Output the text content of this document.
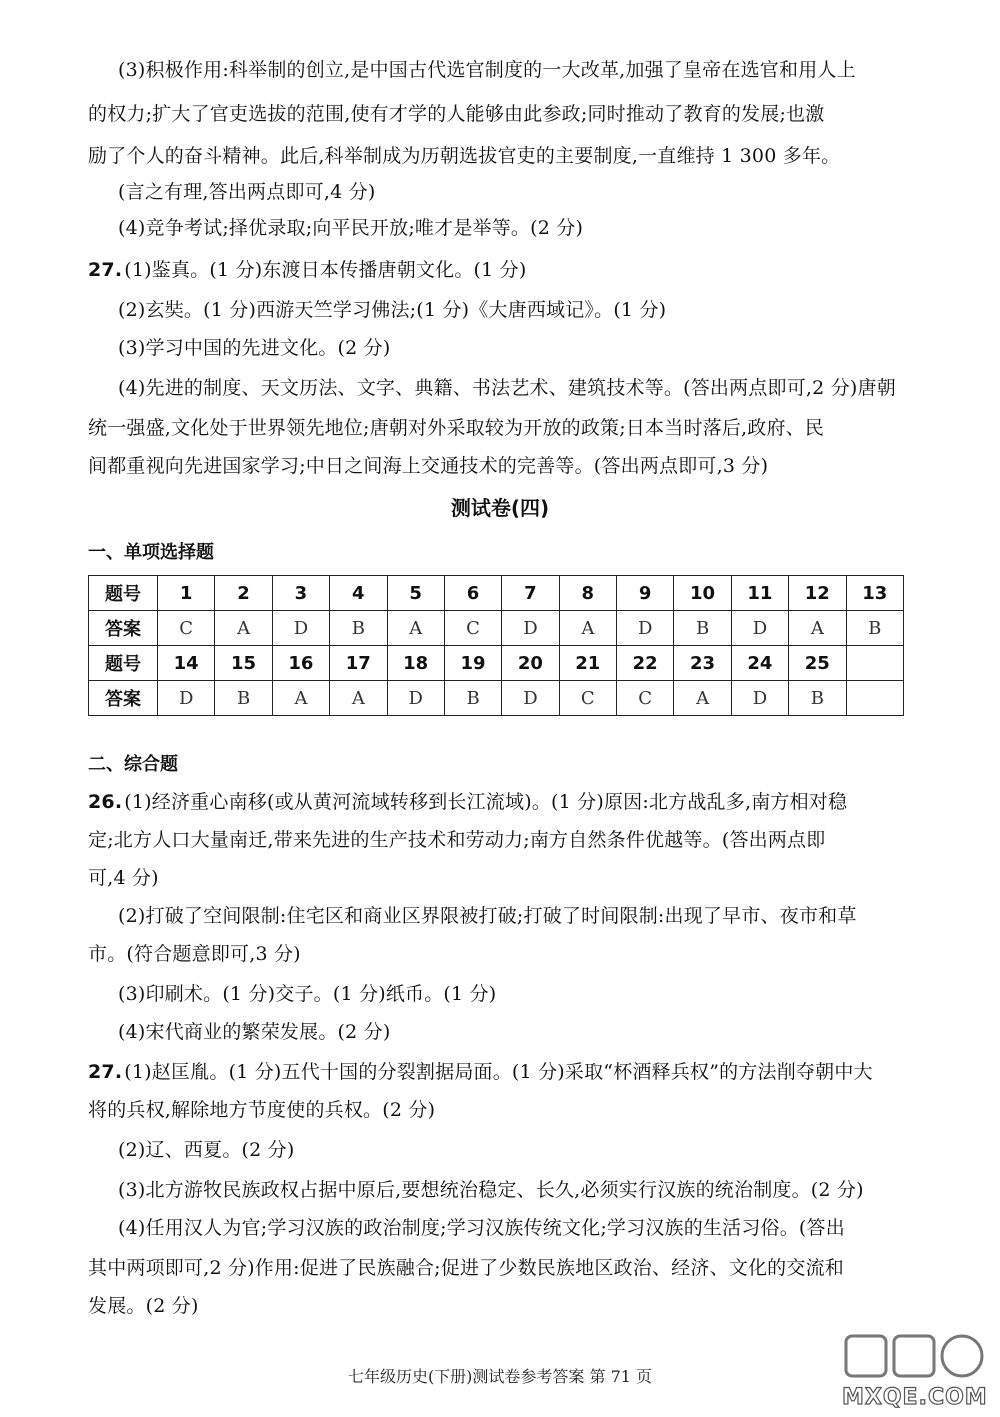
(3)积极作用:科举制的创立,是中国古代选官制度的一大改革,加强了皇帝在选官和用人上
的权力;扩大了官吏选拔的范围,使有才学的人能够由此参政;同时推动了教育的发展;也激
励了个人的奋斗精神。此后,科举制成为历朝选拔官吏的主要制度,一直维持 1 300 多年。
(言之有理,答出两点即可,4 分)
(4)竞争考试;择优录取;向平民开放;唯才是举等。(2 分)
27. (1)鉴真。(1 分)东渡日本传播唐朝文化。(1 分)
(2)玄奘。(1 分)西游天竺学习佛法;(1 分)《大唐西域记》。(1 分)
(3)学习中国的先进文化。(2 分)
(4)先进的制度、天文历法、文字、典籍、书法艺术、建筑技术等。(答出两点即可,2 分)唐朝
统一强盛,文化处于世界领先地位;唐朝对外采取较为开放的政策;日本当时落后,政府、民
间都重视向先进国家学习;中日之间海上交通技术的完善等。(答出两点即可,3 分)
测试卷(四)
一、单项选择题
题号	1	2	3	4	5	6	7	8	9	10	11	12	13
答案	C	A	D	B	A	C	D	A	D	B	D	A	B
题号	14	15	16	17	18	19	20	21	22	23	24	25	
答案	D	B	A	A	D	B	D	C	C	A	D	B	
二、综合题
26. (1)经济重心南移(或从黄河流域转移到长江流域)。(1 分)原因:北方战乱多,南方相对稳
定;北方人口大量南迁,带来先进的生产技术和劳动力;南方自然条件优越等。(答出两点即
可,4 分)
(2)打破了空间限制:住宅区和商业区界限被打破;打破了时间限制:出现了早市、夜市和草
市。(符合题意即可,3 分)
(3)印刷术。(1 分)交子。(1 分)纸币。(1 分)
(4)宋代商业的繁荣发展。(2 分)
27. (1)赵匡胤。(1 分)五代十国的分裂割据局面。(1 分)采取“杯酒释兵权”的方法削夺朝中大
将的兵权,解除地方节度使的兵权。(2 分)
(2)辽、西夏。(2 分)
(3)北方游牧民族政权占据中原后,要想统治稳定、长久,必须实行汉族的统治制度。(2 分)
(4)任用汉人为官;学习汉族的政治制度;学习汉族传统文化;学习汉族的生活习俗。(答出
其中两项即可,2 分)作用:促进了民族融合;促进了少数民族地区政治、经济、文化的交流和
发展。(2 分)
七年级历史(下册)测试卷参考答案 第 71 页
MXQE.COM
